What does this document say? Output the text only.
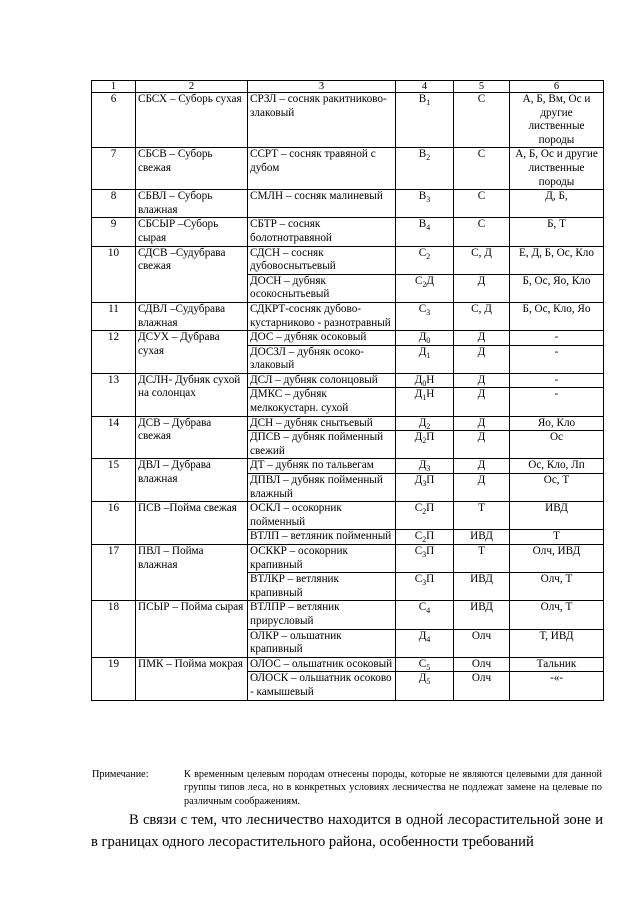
1	2	3	4	5	6
6	СБСХ – Суборь сухая	СРЗЛ – сосняк ракитниково-злаковый	$В_1$	С	А, Б, Вм, Ос и другие лиственные породы
7	СБСВ – Суборь свежая	ССРТ – сосняк травяной с дубом	$В_2$	С	А, Б, Ос и другие лиственные породы
8	СБВЛ – Суборь влажная	СМЛН – сосняк малиневый	$В_3$	С	Д, Б,
9	СБСЫР –Суборь сырая	СБТР – сосняк болотнотравяной	$В_4$	С	Б, Т
10	СДСВ –Судубрава свежая	СДСН – сосняк дубовоснытьевый	$С_2$	С, Д	Е, Д, Б, Ос, Кло
		ДОСН – дубняк осокоснытьевый	$С_2Д$	Д	Б, Ос, Яо, Кло
11	СДВЛ –Судубрава влажная	СДКРТ-сосняк дубово-кустарниково - разнотравный	$С_3$	С, Д	Б, Ос, Кло, Яо
12	ДСУХ – Дубрава сухая	ДОС – дубняк осоковый	$Д_0$	Д	-
		ДОСЗЛ – дубняк осоко-злаковый	$Д_1$	Д	-
13	ДСЛН- Дубняк сухой на солонцах	ДСЛ – дубняк солонцовый	$Д_0Н$	Д	-
		ДМКС – дубняк мелкокустарн. сухой	$Д_1Н$	Д	-
14	ДСВ – Дубрава свежая	ДСН – дубняк снытьевый	$Д_2$	Д	Яо, Кло
		ДПСВ – дубняк пойменный свежий	$Д_2П$	Д	Ос
15	ДВЛ – Дубрава влажная	ДТ – дубняк по тальвегам	$Д_3$	Д	Ос, Кло, Лп
		ДПВЛ – дубняк пойменный влажный	$Д_3П$	Д	Ос, Т
16	ПСВ –Пойма свежая	ОСКЛ – осокорник пойменный	$С_2П$	Т	ИВД
		ВТЛП – ветляник пойменный	$С_2П$	ИВД	Т
17	ПВЛ – Пойма влажная	ОСККР – осокорник крапивный	$С_3П$	Т	Олч, ИВД
		ВТЛКР – ветляник крапивный	$С_3П$	ИВД	Олч, Т
18	ПСЫР – Пойма сырая	ВТЛПР – ветляник прирусловый	$С_4$	ИВД	Олч, Т
		ОЛКР – ольшатник крапивный	$Д_4$	Олч	Т, ИВД
19	ПМК – Пойма мокрая	ОЛОС – ольшатник осоковый	$С_5$	Олч	Тальник
		ОЛОСК – ольшатник осоково - камышевый	$Д_5$	Олч	-«-
Примечание:	К временным целевым породам отнесены породы, которые не являются целевыми для данной группы типов леса, но в конкретных условиях лесничества не подлежат замене на целевые по различным соображениям.
В связи с тем, что лесничество находится в одной лесорастительной зоне и в границах одного лесорастительного района, особенности требований
